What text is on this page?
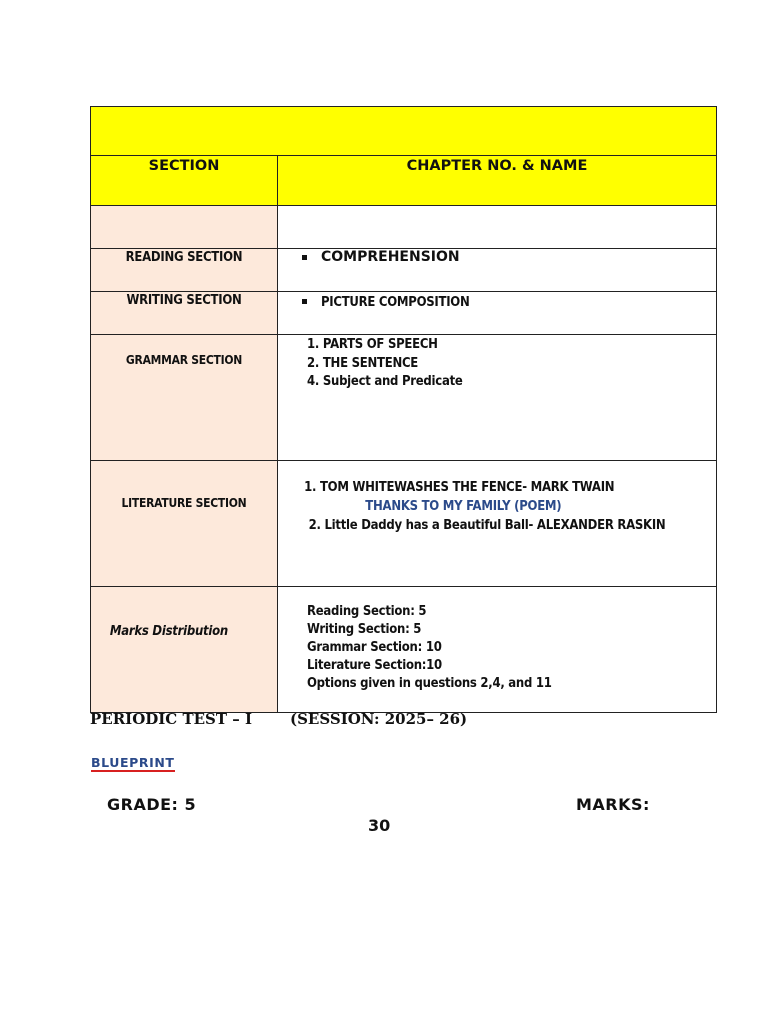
SECTION	CHAPTER NO. & NAME

READING SECTION	COMPREHENSION

WRITING SECTION	PICTURE COMPOSITION

GRAMMAR SECTION	1. PARTS OF SPEECH
2. THE SENTENCE
4. Subject and Predicate

LITERATURE SECTION	1. TOM WHITEWASHES THE FENCE- MARK TWAIN
THANKS TO MY FAMILY (POEM)
2. Little Daddy has a Beautiful Ball- ALEXANDER RASKIN

Marks Distribution	Reading Section: 5
Writing Section: 5
Grammar Section: 10
Literature Section:10
Options given in questions 2,4, and 11
PERIODIC TEST – I	(SESSION: 2025– 26)
BLUEPRINT
GRADE: 5	MARKS:
30
